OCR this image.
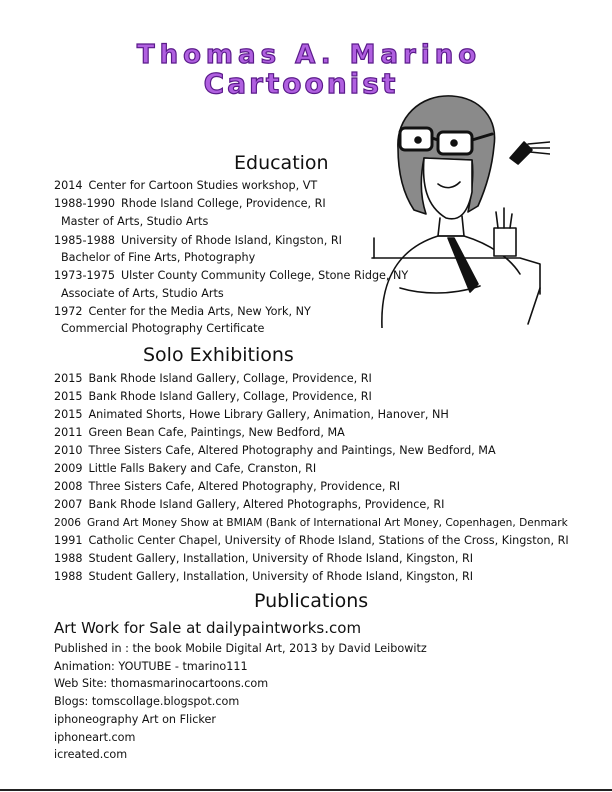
Thomas A. Marino
Cartoonist
Education
2014 Center for Cartoon Studies workshop, VT
1988-1990 Rhode Island College, Providence, RI
Master of Arts, Studio Arts
1985-1988 University of Rhode Island, Kingston, RI
Bachelor of Fine Arts, Photography
1973-1975 Ulster County Community College, Stone Ridge, NY
Associate of Arts, Studio Arts
1972 Center for the Media Arts, New York, NY
Commercial Photography Certificate
Solo Exhibitions
2015 Bank Rhode Island Gallery, Collage, Providence, RI
2015 Bank Rhode Island Gallery, Collage, Providence, RI
2015 Animated Shorts, Howe Library Gallery, Animation, Hanover, NH
2011 Green Bean Cafe, Paintings, New Bedford, MA
2010 Three Sisters Cafe, Altered Photography and Paintings, New Bedford, MA
2009 Little Falls Bakery and Cafe, Cranston, RI
2008 Three Sisters Cafe, Altered Photography, Providence, RI
2007 Bank Rhode Island Gallery, Altered Photographs, Providence, RI
2006 Grand Art Money Show at BMIAM (Bank of International Art Money, Copenhagen, Denmark
1991 Catholic Center Chapel, University of Rhode Island, Stations of the Cross, Kingston, RI
1988 Student Gallery, Installation, University of Rhode Island, Kingston, RI
1988 Student Gallery, Installation, University of Rhode Island, Kingston, RI
Publications
Art Work for Sale at dailypaintworks.com
Published in : the book Mobile Digital Art, 2013 by David Leibowitz
Animation: YOUTUBE - tmarino111
Web Site: thomasmarinocartoons.com
Blogs: tomscollage.blogspot.com
iphoneography Art on Flicker
iphoneart.com
icreated.com
